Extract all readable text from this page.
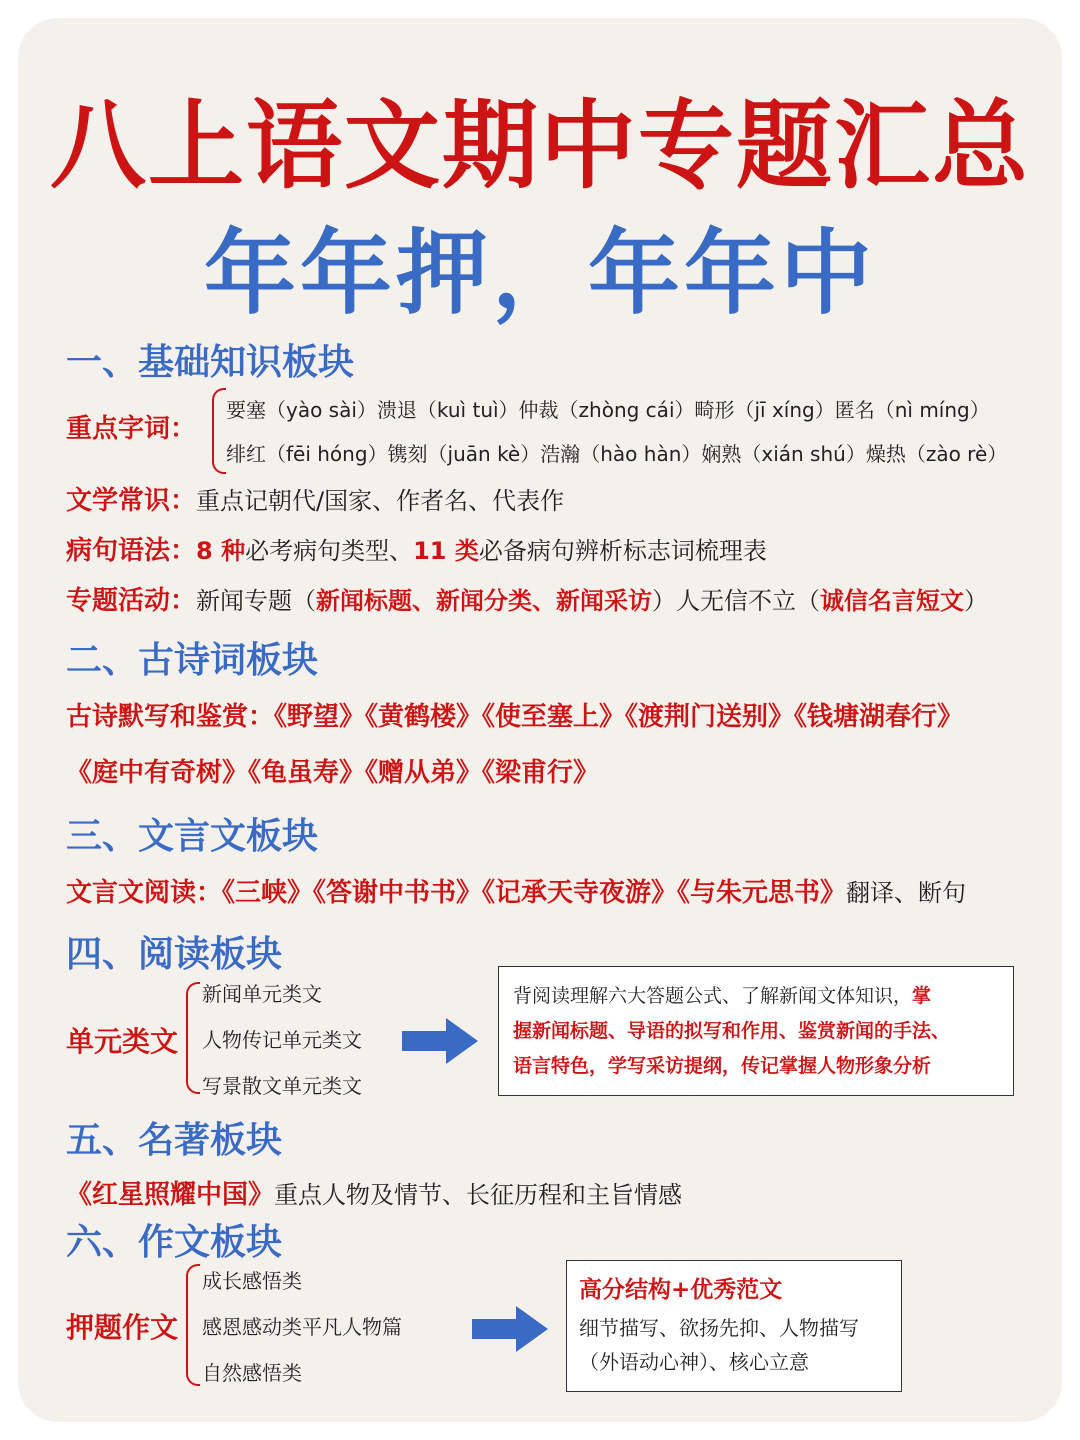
八上语文期中专题汇总
年年押，年年中
一、基础知识板块
重点字词：
要塞（yào sài）溃退（kuì tuì）仲裁（zhòng cái）畸形（jī xíng）匿名（nì míng）
绯红（fēi hóng）镌刻（juān kè）浩瀚（hào hàn）娴熟（xián shú）燥热（zào rè）
文学常识：重点记朝代/国家、作者名、代表作
病句语法：8 种必考病句类型、11 类必备病句辨析标志词梳理表
专题活动：新闻专题（新闻标题、新闻分类、新闻采访）人无信不立（诚信名言短文）
二、古诗词板块
古诗默写和鉴赏：《野望》《黄鹤楼》《使至塞上》《渡荆门送别》《钱塘湖春行》
《庭中有奇树》《龟虽寿》《赠从弟》《梁甫行》
三、文言文板块
文言文阅读：《三峡》《答谢中书书》《记承天寺夜游》《与朱元思书》翻译、断句
四、阅读板块
单元类文
新闻单元类文
人物传记单元类文
写景散文单元类文
背阅读理解六大答题公式、了解新闻文体知识，掌
握新闻标题、导语的拟写和作用、鉴赏新闻的手法、
语言特色，学写采访提纲，传记掌握人物形象分析
五、名著板块
《红星照耀中国》重点人物及情节、长征历程和主旨情感
六、作文板块
押题作文
成长感悟类
感恩感动类平凡人物篇
自然感悟类
高分结构+优秀范文
细节描写、欲扬先抑、人物描写
（外语动心神）、核心立意
